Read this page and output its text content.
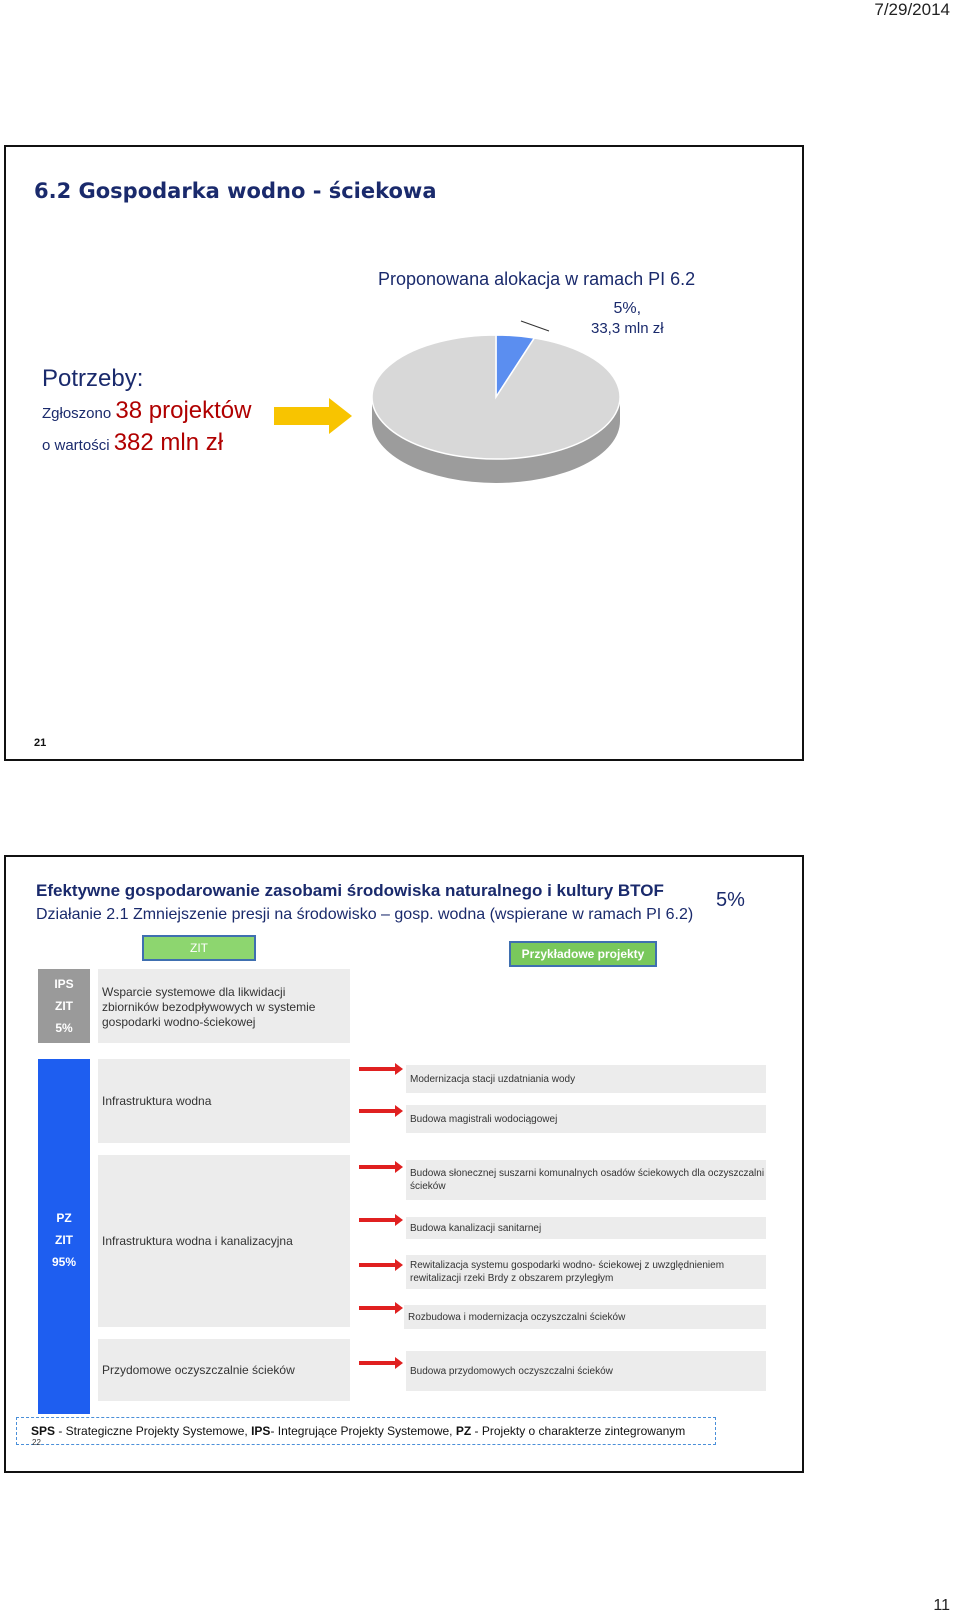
7/29/2014
6.2 Gospodarka wodno - ściekowa
Proponowana alokacja w ramach PI 6.2
5%,
33,3 mln zł
Potrzeby:
Zgłoszono 38 projektów
o wartości 382 mln zł
21
Efektywne gospodarowanie zasobami środowiska naturalnego i kultury BTOF
Działanie 2.1 Zmniejszenie presji na środowisko – gosp. wodna (wspierane w ramach PI 6.2)
5%
ZIT	Przykładowe projekty
IPS
ZIT
5%
Wsparcie systemowe dla likwidacji zbiorników bezodpływowych w systemie gospodarki wodno-ściekowej
PZ
ZIT
95%
Infrastruktura wodna
Infrastruktura wodna i kanalizacyjna
Przydomowe oczyszczalnie ścieków
Modernizacja stacji uzdatniania wody
Budowa magistrali wodociągowej
Budowa słonecznej suszarni komunalnych osadów ściekowych dla oczyszczalni ścieków
Budowa kanalizacji sanitarnej
Rewitalizacja systemu gospodarki wodno- ściekowej z uwzględnieniem rewitalizacji rzeki Brdy z obszarem przyległym
Rozbudowa i modernizacja oczyszczalni ścieków
Budowa przydomowych oczyszczalni ścieków
SPS - Strategiczne Projekty Systemowe, IPS- Integrujące Projekty Systemowe, PZ - Projekty o charakterze zintegrowanym
22
11
